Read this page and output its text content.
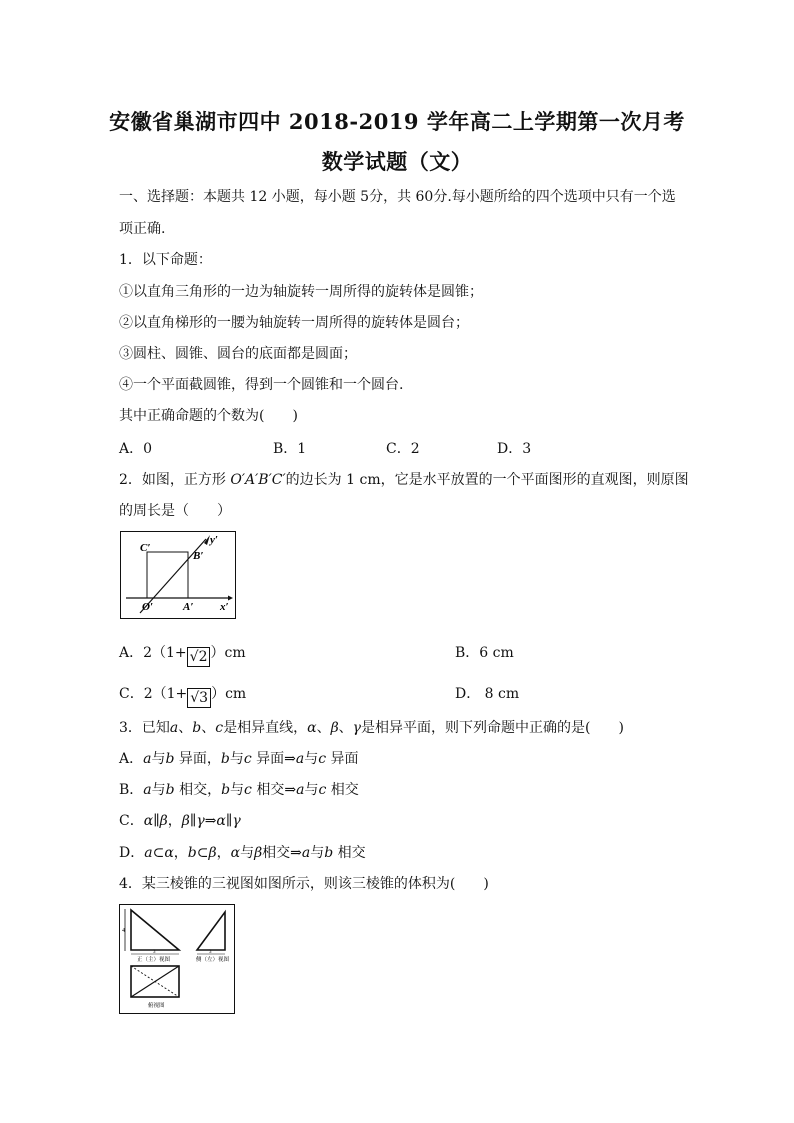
安徽省巢湖市四中 2018-2019 学年高二上学期第一次月考
数学试题（文）
一、选择题：本题共 12 小题，每小题 5分，共 60分.每小题所给的四个选项中只有一个选
项正确.
1．以下命题：
①以直角三角形的一边为轴旋转一周所得的旋转体是圆锥；
②以直角梯形的一腰为轴旋转一周所得的旋转体是圆台；
③圆柱、圆锥、圆台的底面都是圆面；
④一个平面截圆锥，得到一个圆锥和一个圆台.
其中正确命题的个数为(　　)
A．0	B．1	C．2	D．3
2．如图，正方形 O′A′B′C′的边长为 1 cm，它是水平放置的一个平面图形的直观图，则原图
的周长是（　　）
C′
B′
O′	A′ x′
y′
A．2（1+ √2 ）cm	B．6 cm
C．2（1+ √3 ）cm	D． 8 cm
3．已知a、b、c是相异直线，α、β、γ是相异平面，则下列命题中正确的是(　　)
A．a与b 异面，b与c 异面⇒a与c 异面
B．a与b 相交，b与c 相交⇒a与c 相交
C．α∥β，β∥γ⇒α∥γ
D．a⊂α，b⊂β，α与β相交⇒a与b 相交
4．某三棱锥的三视图如图所示，则该三棱锥的体积为(　　)
4
3
正（主）视图
3
侧（左）视图
俯视图
